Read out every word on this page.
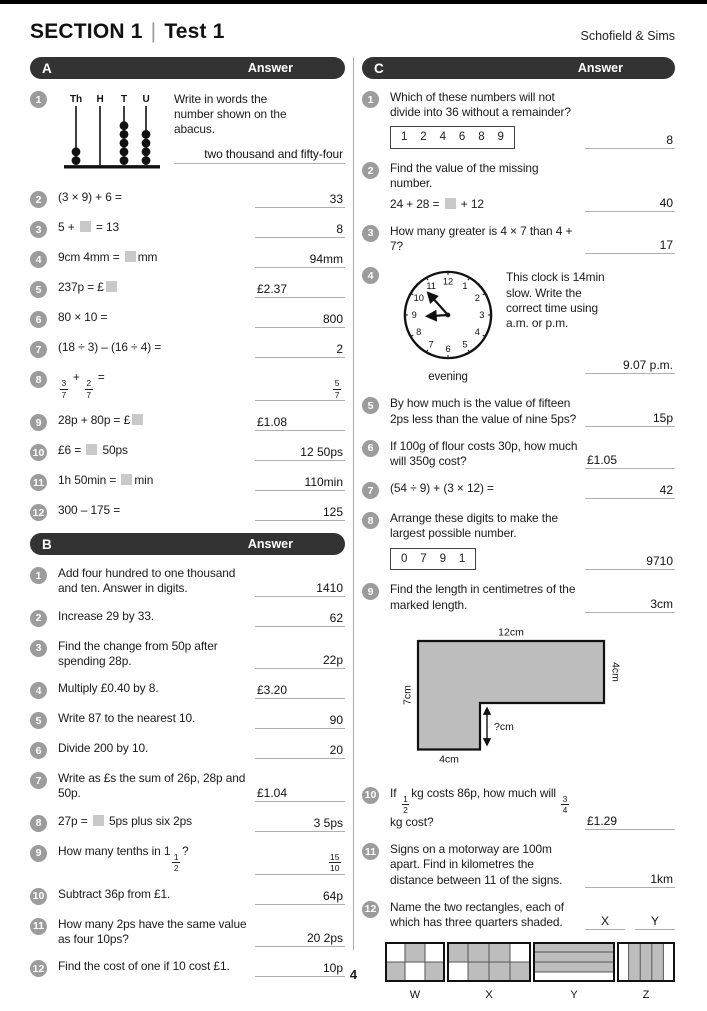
SECTION 1 | Test 1	Schofield & Sims
A	Answer
1	Th H T U Write in words the number shown on the abacus.
two thousand and fifty-four
2	(3 × 9) + 6 =	33
3	5 +  = 13	8
4	9cm 4mm = mm	94mm
5	237p = £	£2.37
6	80 × 10 =	800
7	(18 ÷ 3) – (16 ÷ 4) =	2
8	$\frac{3}{7}$
+
$\frac{2}{7}$
=
$\frac{5}{7}$
9	28p + 80p = £	£1.08
10 £6 =  50ps	12 50ps
11 1h 50min = min	110min
12 300 – 175 =	125
B	Answer
1	Add four hundred to one thousand and ten. Answer in digits.	1410
2	Increase 29 by 33.	62
3	Find the change from 50p after spending 28p.	22p
4	Multiply £0.40 by 8.	£3.20
5	Write 87 to the nearest 10.	90
6	Divide 200 by 10.	20
7	Write as £s the sum of 26p, 28p and 50p.	£1.04
8	27p =  5ps plus six 2ps	3 5ps
9	How many tenths in 1
$\frac{1}{2}$
?
$\frac{15}{10}$
10 Subtract 36p from £1.	64p
11 How many 2ps have the same value as four 10ps?	20 2ps
12 Find the cost of one if 10 cost £1.	10p
C	Answer
1	Which of these numbers will not divide into 36 without a remainder?
1 2 4 6 8 9	8
2	Find the value of the missing number.
24 + 28 =  + 12	40
3	How many greater is 4 × 7 than 4 + 7?	17
4
1
2
3
4
5
6
7
8
9
10
11 12
evening
This clock is 14min slow. Write the correct time using a.m. or p.m.
9.07 p.m.
5	By how much is the value of fifteen 2ps less than the value of nine 5ps?	15p
6	If 100g of flour costs 30p, how much will 350g cost?	£1.05
7	(54 ÷ 9) + (3 × 12) =	42
8	Arrange these digits to make the largest possible number.
0 7 9 1	9710
9	Find the length in centimetres of the marked length.	3cm
12cm
4cm
7cm
4cm
?cm
10 If
$\frac{1}{2}$
kg costs 86p, how much will
$\frac{3}{4}$
kg cost?	£1.29
11 Signs on a motorway are 100m apart. Find in kilometres the distance between 11 of the signs.	1km
12 Name the two rectangles, each of which has three quarters shaded.	X	Y
W	X	Y	Z
4
